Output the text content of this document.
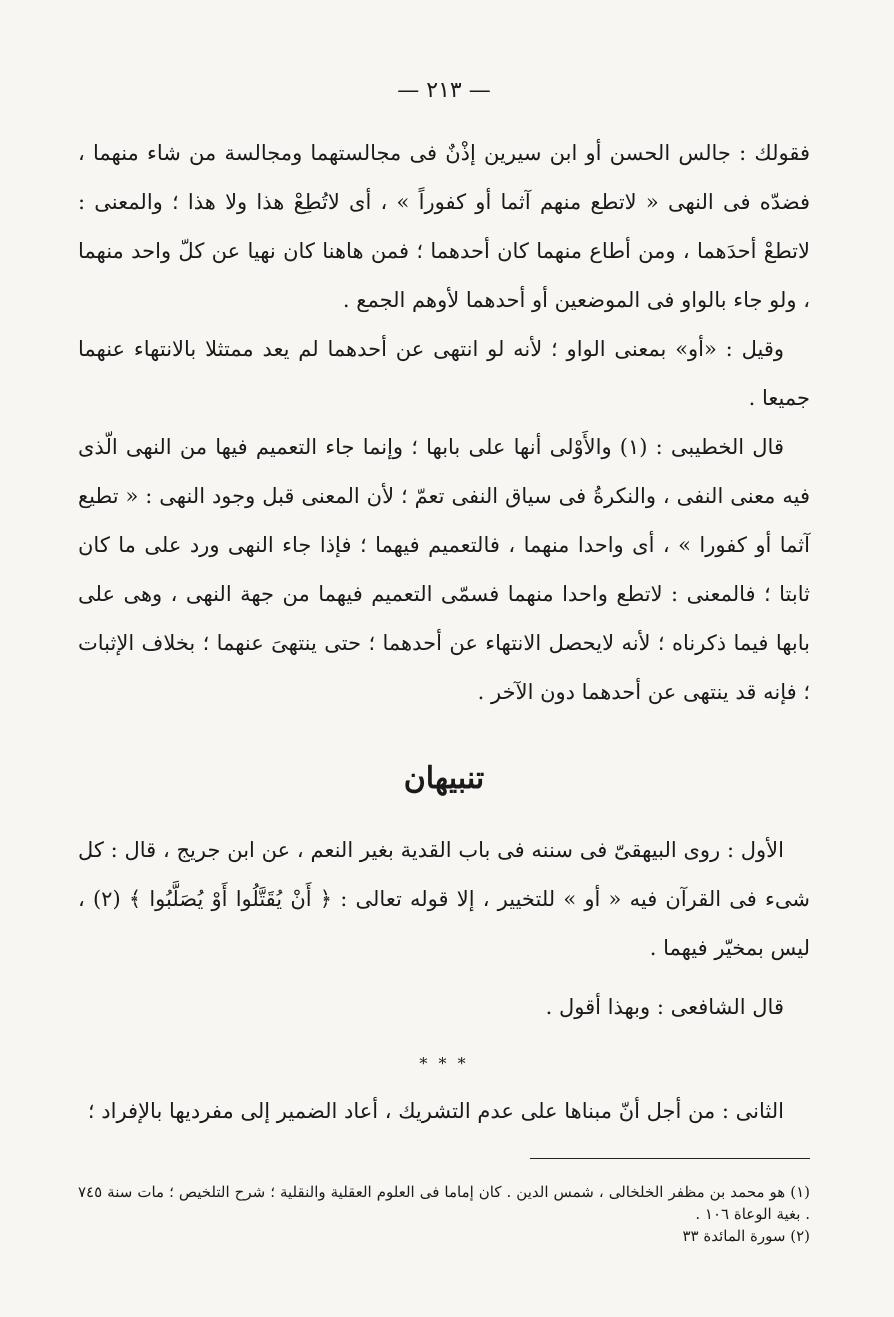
— ٢١٣ —

فقولك : جالس الحسن أو ابن سيرين إذْنٌ فى مجالستهما ومجالسة من شاء منهما ، فضدّه فى النهى « لاتطع منهم آثما أو كفوراً » ، أى لاتُطِعْ هذا ولا هذا ؛ والمعنى : لاتطعْ أحدَهما ، ومن أطاع منهما كان أحدهما ؛ فمن هاهنا كان نهيا عن كلّ واحد منهما ، ولو جاء بالواو فى الموضعين أو أحدهما لأوهم الجمع .

وقيل : «أو» بمعنى الواو ؛ لأنه لو انتهى عن أحدهما لم يعد ممتثلا بالانتهاء عنهما جميعا .

قال الخطيبى : (١) والأَوْلى أنها على بابها ؛ وإنما جاء التعميم فيها من النهى الّذى فيه معنى النفى ، والنكرةُ فى سياق النفى تعمّ ؛ لأن المعنى قبل وجود النهى : « تطيع آثما أو كفورا » ، أى واحدا منهما ، فالتعميم فيهما ؛ فإذا جاء النهى ورد على ما كان ثابتا ؛ فالمعنى : لاتطع واحدا منهما فسمّى التعميم فيهما من جهة النهى ، وهى على بابها فيما ذكرناه ؛ لأنه لايحصل الانتهاء عن أحدهما ؛ حتى ينتهىَ عنهما ؛ بخلاف الإثبات ؛ فإنه قد ينتهى عن أحدهما دون الآخر .

تنبيهان

الأول : روى البيهقىّ فى سننه فى باب القدية بغير النعم ، عن ابن جريج ، قال : كل شىء فى القرآن فيه « أو » للتخيير ، إلا قوله تعالى : ﴿ أَنْ يُقَتَّلُوا أَوْ يُصَلَّبُوا ﴾ (٢) ، ليس بمخيّر فيهما .

قال الشافعى : وبهذا أقول .

* * *

الثانى : من أجل أنّ مبناها على عدم التشريك ، أعاد الضمير إلى مفرديها بالإفراد ؛

(١) هو محمد بن مظفر الخلخالى ، شمس الدين . كان إماما فى العلوم العقلية والنقلية ؛ شرح التلخيص ؛ مات سنة ٧٤٥ . بغية الوعاة ١٠٦ .

(٢) سورة المائدة ٣٣
